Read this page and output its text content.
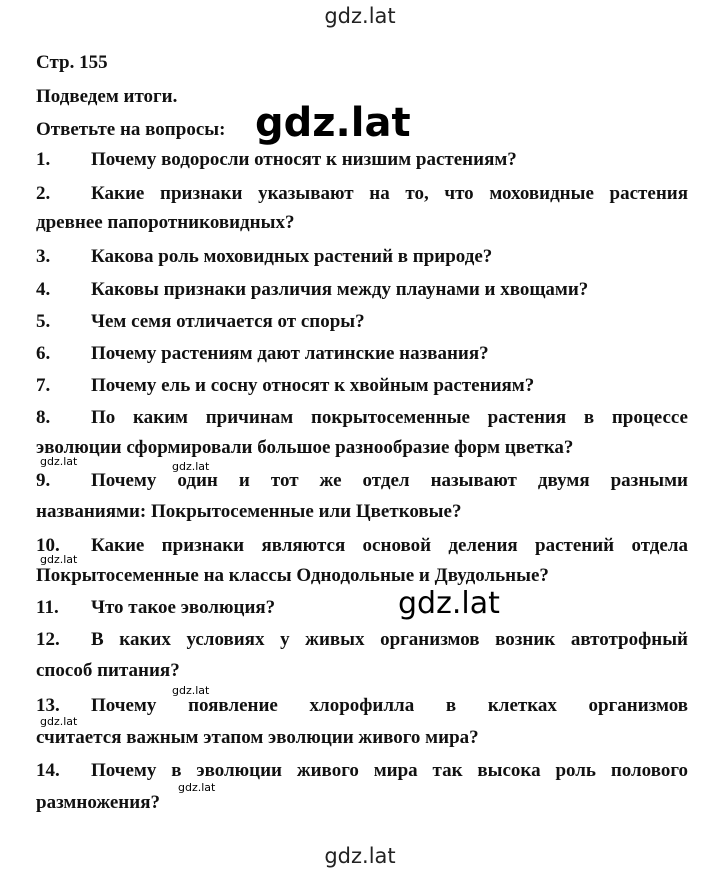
gdz.lat
Стр. 155
Подведем итоги.
Ответьте на вопросы:
1. Почему водоросли относят к низшим растениям?
2. Какие признаки указывают на то, что моховидные растения
древнее папоротниковидных?
3. Какова роль моховидных растений в природе?
4. Каковы признаки различия между плаунами и хвощами?
5. Чем семя отличается от споры?
6. Почему растениям дают латинские названия?
7. Почему ель и сосну относят к хвойным растениям?
8. По каким причинам покрытосеменные растения в процессе
эволюции сформировали большое разнообразие форм цветка?
9. Почему один и тот же отдел называют двумя разными
названиями: Покрытосеменные или Цветковые?
10. Какие признаки являются основой деления растений отдела
Покрытосеменные на классы Однодольные и Двудольные?
11. Что такое эволюция?
12. В каких условиях у живых организмов возник автотрофный
способ питания?
13. Почему появление хлорофилла в клетках организмов
считается важным этапом эволюции живого мира?
14. Почему в эволюции живого мира так высока роль полового
размножения?
gdz.lat
gdz.lat
gdz.lat	gdz.lat
gdz.lat
gdz.lat
gdz.lat
gdz.lat
gdz.lat
